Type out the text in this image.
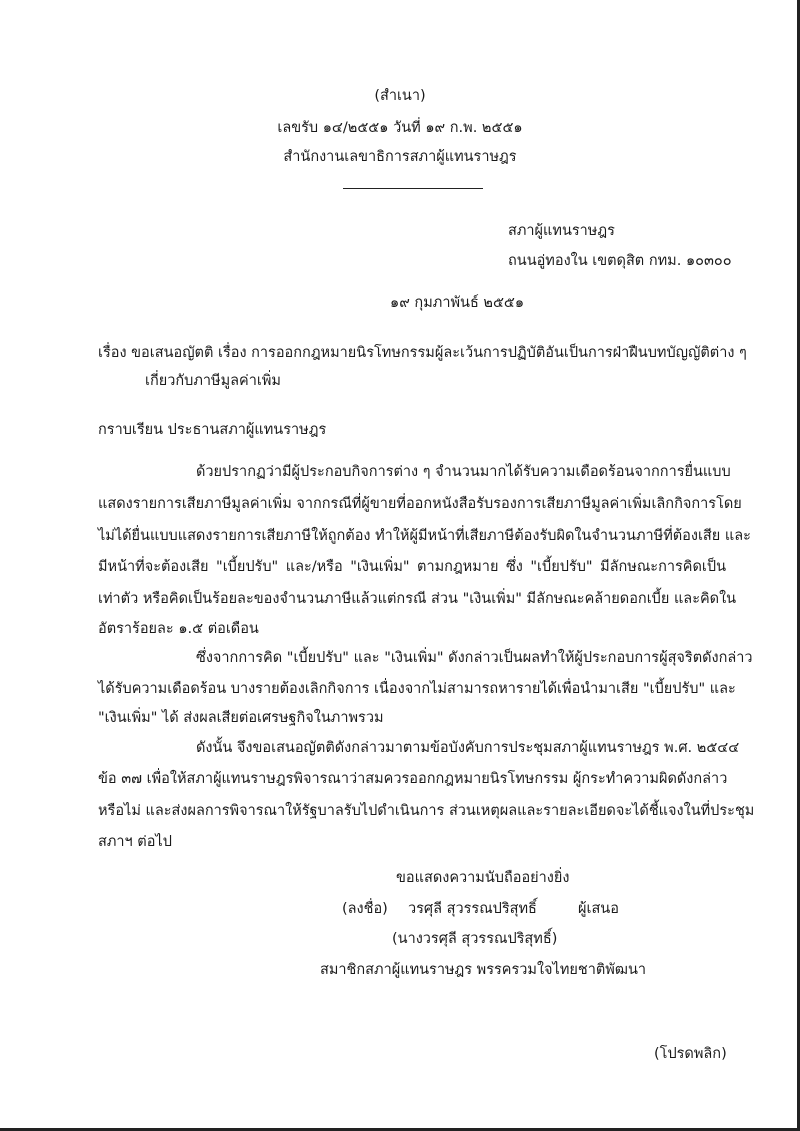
(สำเนา)
เลขรับ ๑๔/๒๕๕๑ วันที่ ๑๙ ก.พ. ๒๕๕๑
สำนักงานเลขาธิการสภาผู้แทนราษฎร
สภาผู้แทนราษฎร
ถนนอู่ทองใน เขตดุสิต กทม. ๑๐๓๐๐
๑๙ กุมภาพันธ์ ๒๕๕๑
เรื่อง ขอเสนอญัตติ เรื่อง การออกกฎหมายนิรโทษกรรมผู้ละเว้นการปฏิบัติอันเป็นการฝ่าฝืนบทบัญญัติต่าง ๆ
เกี่ยวกับภาษีมูลค่าเพิ่ม
กราบเรียน ประธานสภาผู้แทนราษฎร
ด้วยปรากฏว่ามีผู้ประกอบกิจการต่าง ๆ จำนวนมากได้รับความเดือดร้อนจากการยื่นแบบ
แสดงรายการเสียภาษีมูลค่าเพิ่ม จากกรณีที่ผู้ขายที่ออกหนังสือรับรองการเสียภาษีมูลค่าเพิ่มเลิกกิจการโดย
ไม่ได้ยื่นแบบแสดงรายการเสียภาษีให้ถูกต้อง ทำให้ผู้มีหน้าที่เสียภาษีต้องรับผิดในจำนวนภาษีที่ต้องเสีย และ
มีหน้าที่จะต้องเสีย "เบี้ยปรับ" และ/หรือ "เงินเพิ่ม" ตามกฎหมาย ซึ่ง "เบี้ยปรับ" มีลักษณะการคิดเป็น
เท่าตัว หรือคิดเป็นร้อยละของจำนวนภาษีแล้วแต่กรณี ส่วน "เงินเพิ่ม" มีลักษณะคล้ายดอกเบี้ย และคิดใน
อัตราร้อยละ ๑.๕ ต่อเดือน
ซึ่งจากการคิด "เบี้ยปรับ" และ "เงินเพิ่ม" ดังกล่าวเป็นผลทำให้ผู้ประกอบการผู้สุจริตดังกล่าว
ได้รับความเดือดร้อน บางรายต้องเลิกกิจการ เนื่องจากไม่สามารถหารายได้เพื่อนำมาเสีย "เบี้ยปรับ" และ
"เงินเพิ่ม" ได้ ส่งผลเสียต่อเศรษฐกิจในภาพรวม
ดังนั้น จึงขอเสนอญัตติดังกล่าวมาตามข้อบังคับการประชุมสภาผู้แทนราษฎร พ.ศ. ๒๕๔๔
ข้อ ๓๗ เพื่อให้สภาผู้แทนราษฎรพิจารณาว่าสมควรออกกฎหมายนิรโทษกรรม ผู้กระทำความผิดดังกล่าว
หรือไม่ และส่งผลการพิจารณาให้รัฐบาลรับไปดำเนินการ ส่วนเหตุผลและรายละเอียดจะได้ชี้แจงในที่ประชุม
สภาฯ ต่อไป
ขอแสดงความนับถืออย่างยิ่ง
(ลงชื่อ) วรศุลี สุวรรณปริสุทธิ์	ผู้เสนอ
(นางวรศุลี สุวรรณปริสุทธิ์)
สมาชิกสภาผู้แทนราษฎร พรรครวมใจไทยชาติพัฒนา
(โปรดพลิก)
